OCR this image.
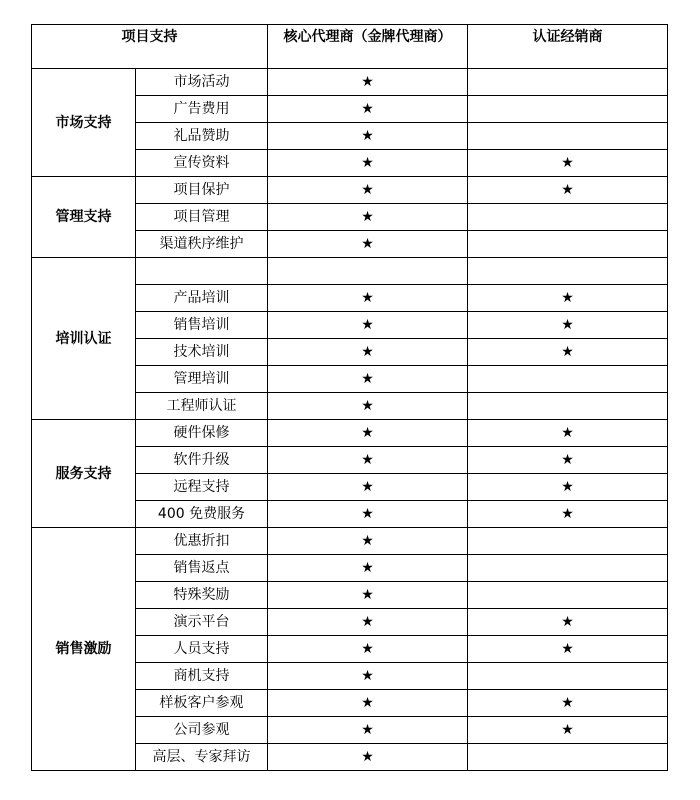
项目支持		核心代理商（金牌代理商）	认证经销商
市场支持	市场活动	★	
	广告费用	★	
	礼品赞助	★	
	宣传资料	★	★
管理支持	项目保护	★	★
	项目管理	★	
	渠道秩序维护	★	
培训认证			
	产品培训	★	★
	销售培训	★	★
	技术培训	★	★
	管理培训	★	
	工程师认证	★	
服务支持	硬件保修	★	★
	软件升级	★	★
	远程支持	★	★
	400 免费服务	★	★
销售激励	优惠折扣	★	
	销售返点	★	
	特殊奖励	★	
	演示平台	★	★
	人员支持	★	★
	商机支持	★	
	样板客户参观	★	★
	公司参观	★	★
	高层、专家拜访	★	
